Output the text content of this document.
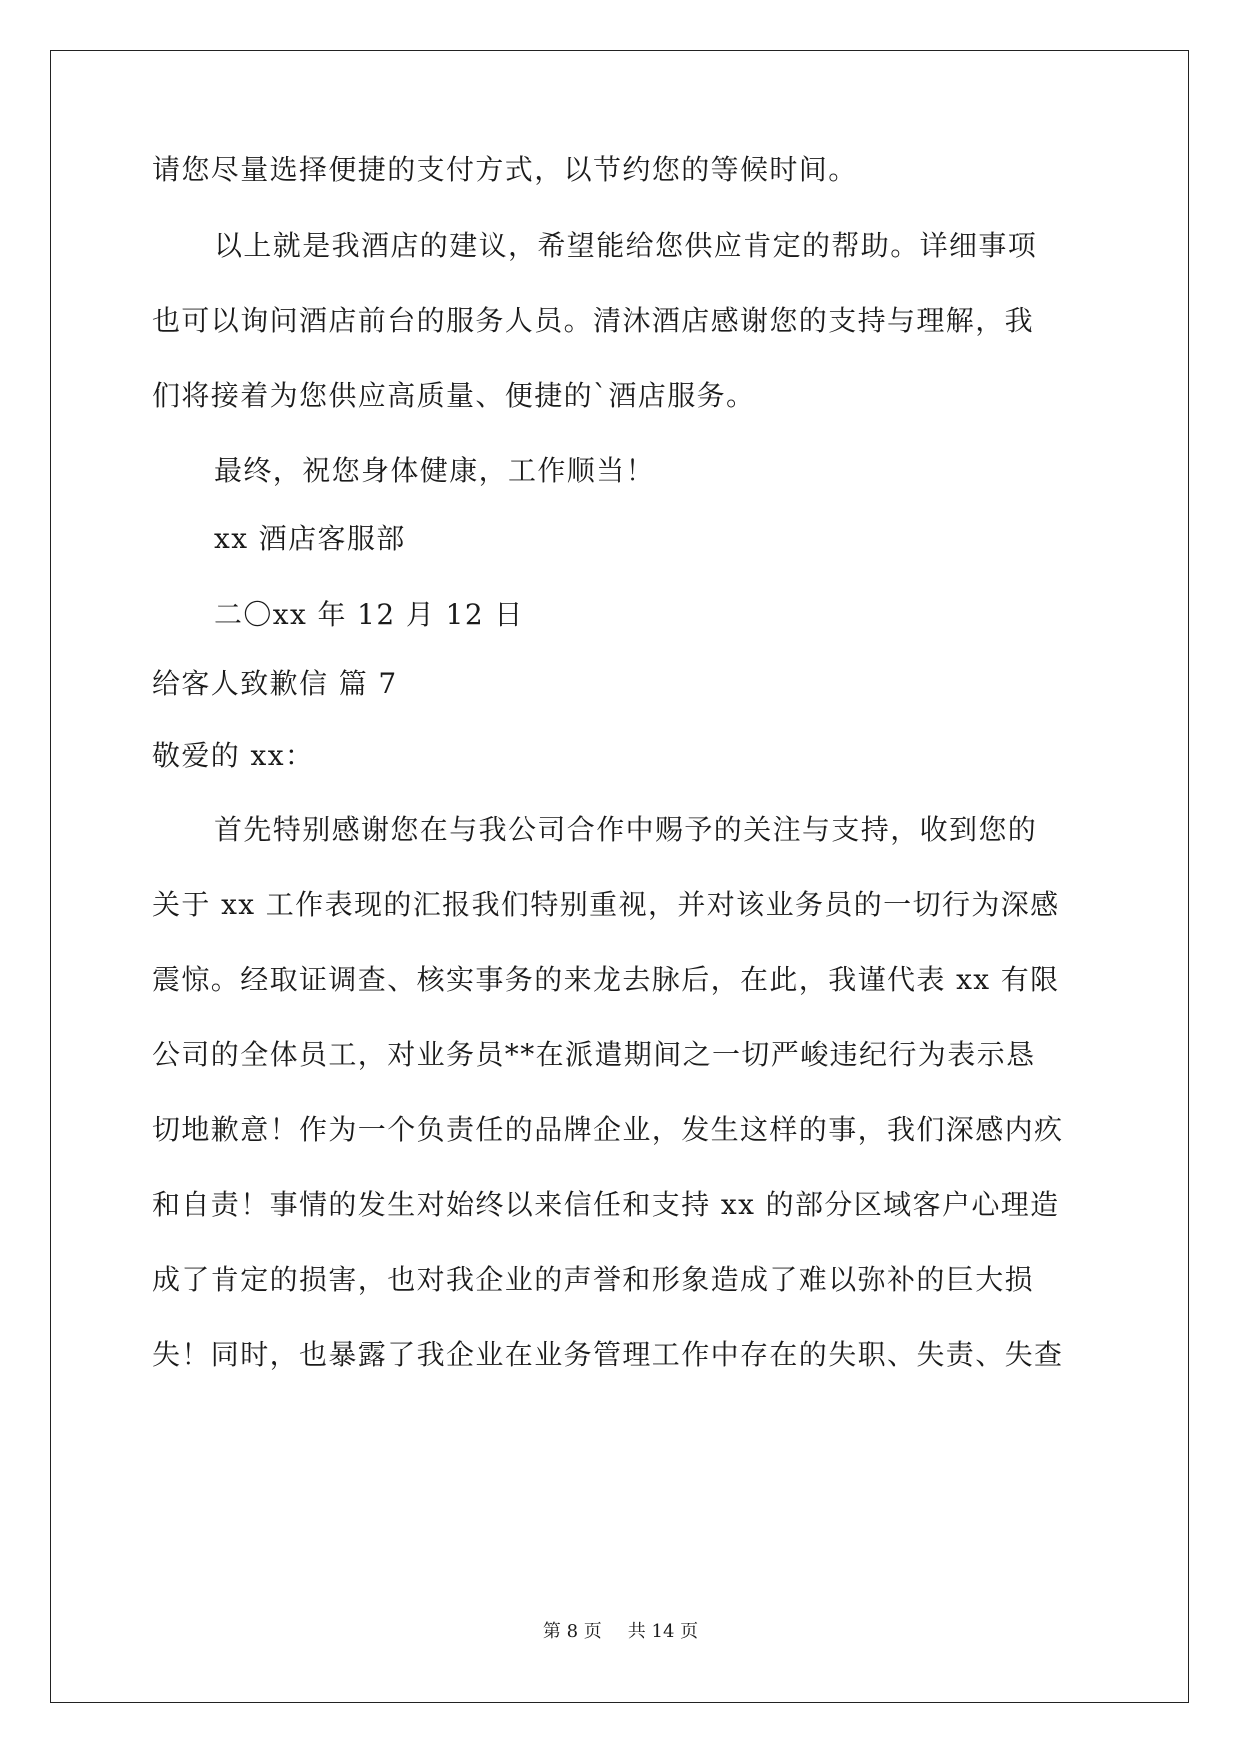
请您尽量选择便捷的支付方式，以节约您的等候时间。
以上就是我酒店的建议，希望能给您供应肯定的帮助。详细事项
也可以询问酒店前台的服务人员。清沐酒店感谢您的支持与理解，我
们将接着为您供应高质量、便捷的`酒店服务。
最终，祝您身体健康，工作顺当！
xx 酒店客服部
二〇xx 年 12 月 12 日
给客人致歉信 篇 7
敬爱的 xx：
首先特别感谢您在与我公司合作中赐予的关注与支持，收到您的
关于 xx 工作表现的汇报我们特别重视，并对该业务员的一切行为深感
震惊。经取证调查、核实事务的来龙去脉后，在此，我谨代表 xx 有限
公司的全体员工，对业务员**在派遣期间之一切严峻违纪行为表示恳
切地歉意！作为一个负责任的品牌企业，发生这样的事，我们深感内疚
和自责！事情的发生对始终以来信任和支持 xx 的部分区域客户心理造
成了肯定的损害，也对我企业的声誉和形象造成了难以弥补的巨大损
失！同时，也暴露了我企业在业务管理工作中存在的失职、失责、失查
第 8 页 共 14 页
